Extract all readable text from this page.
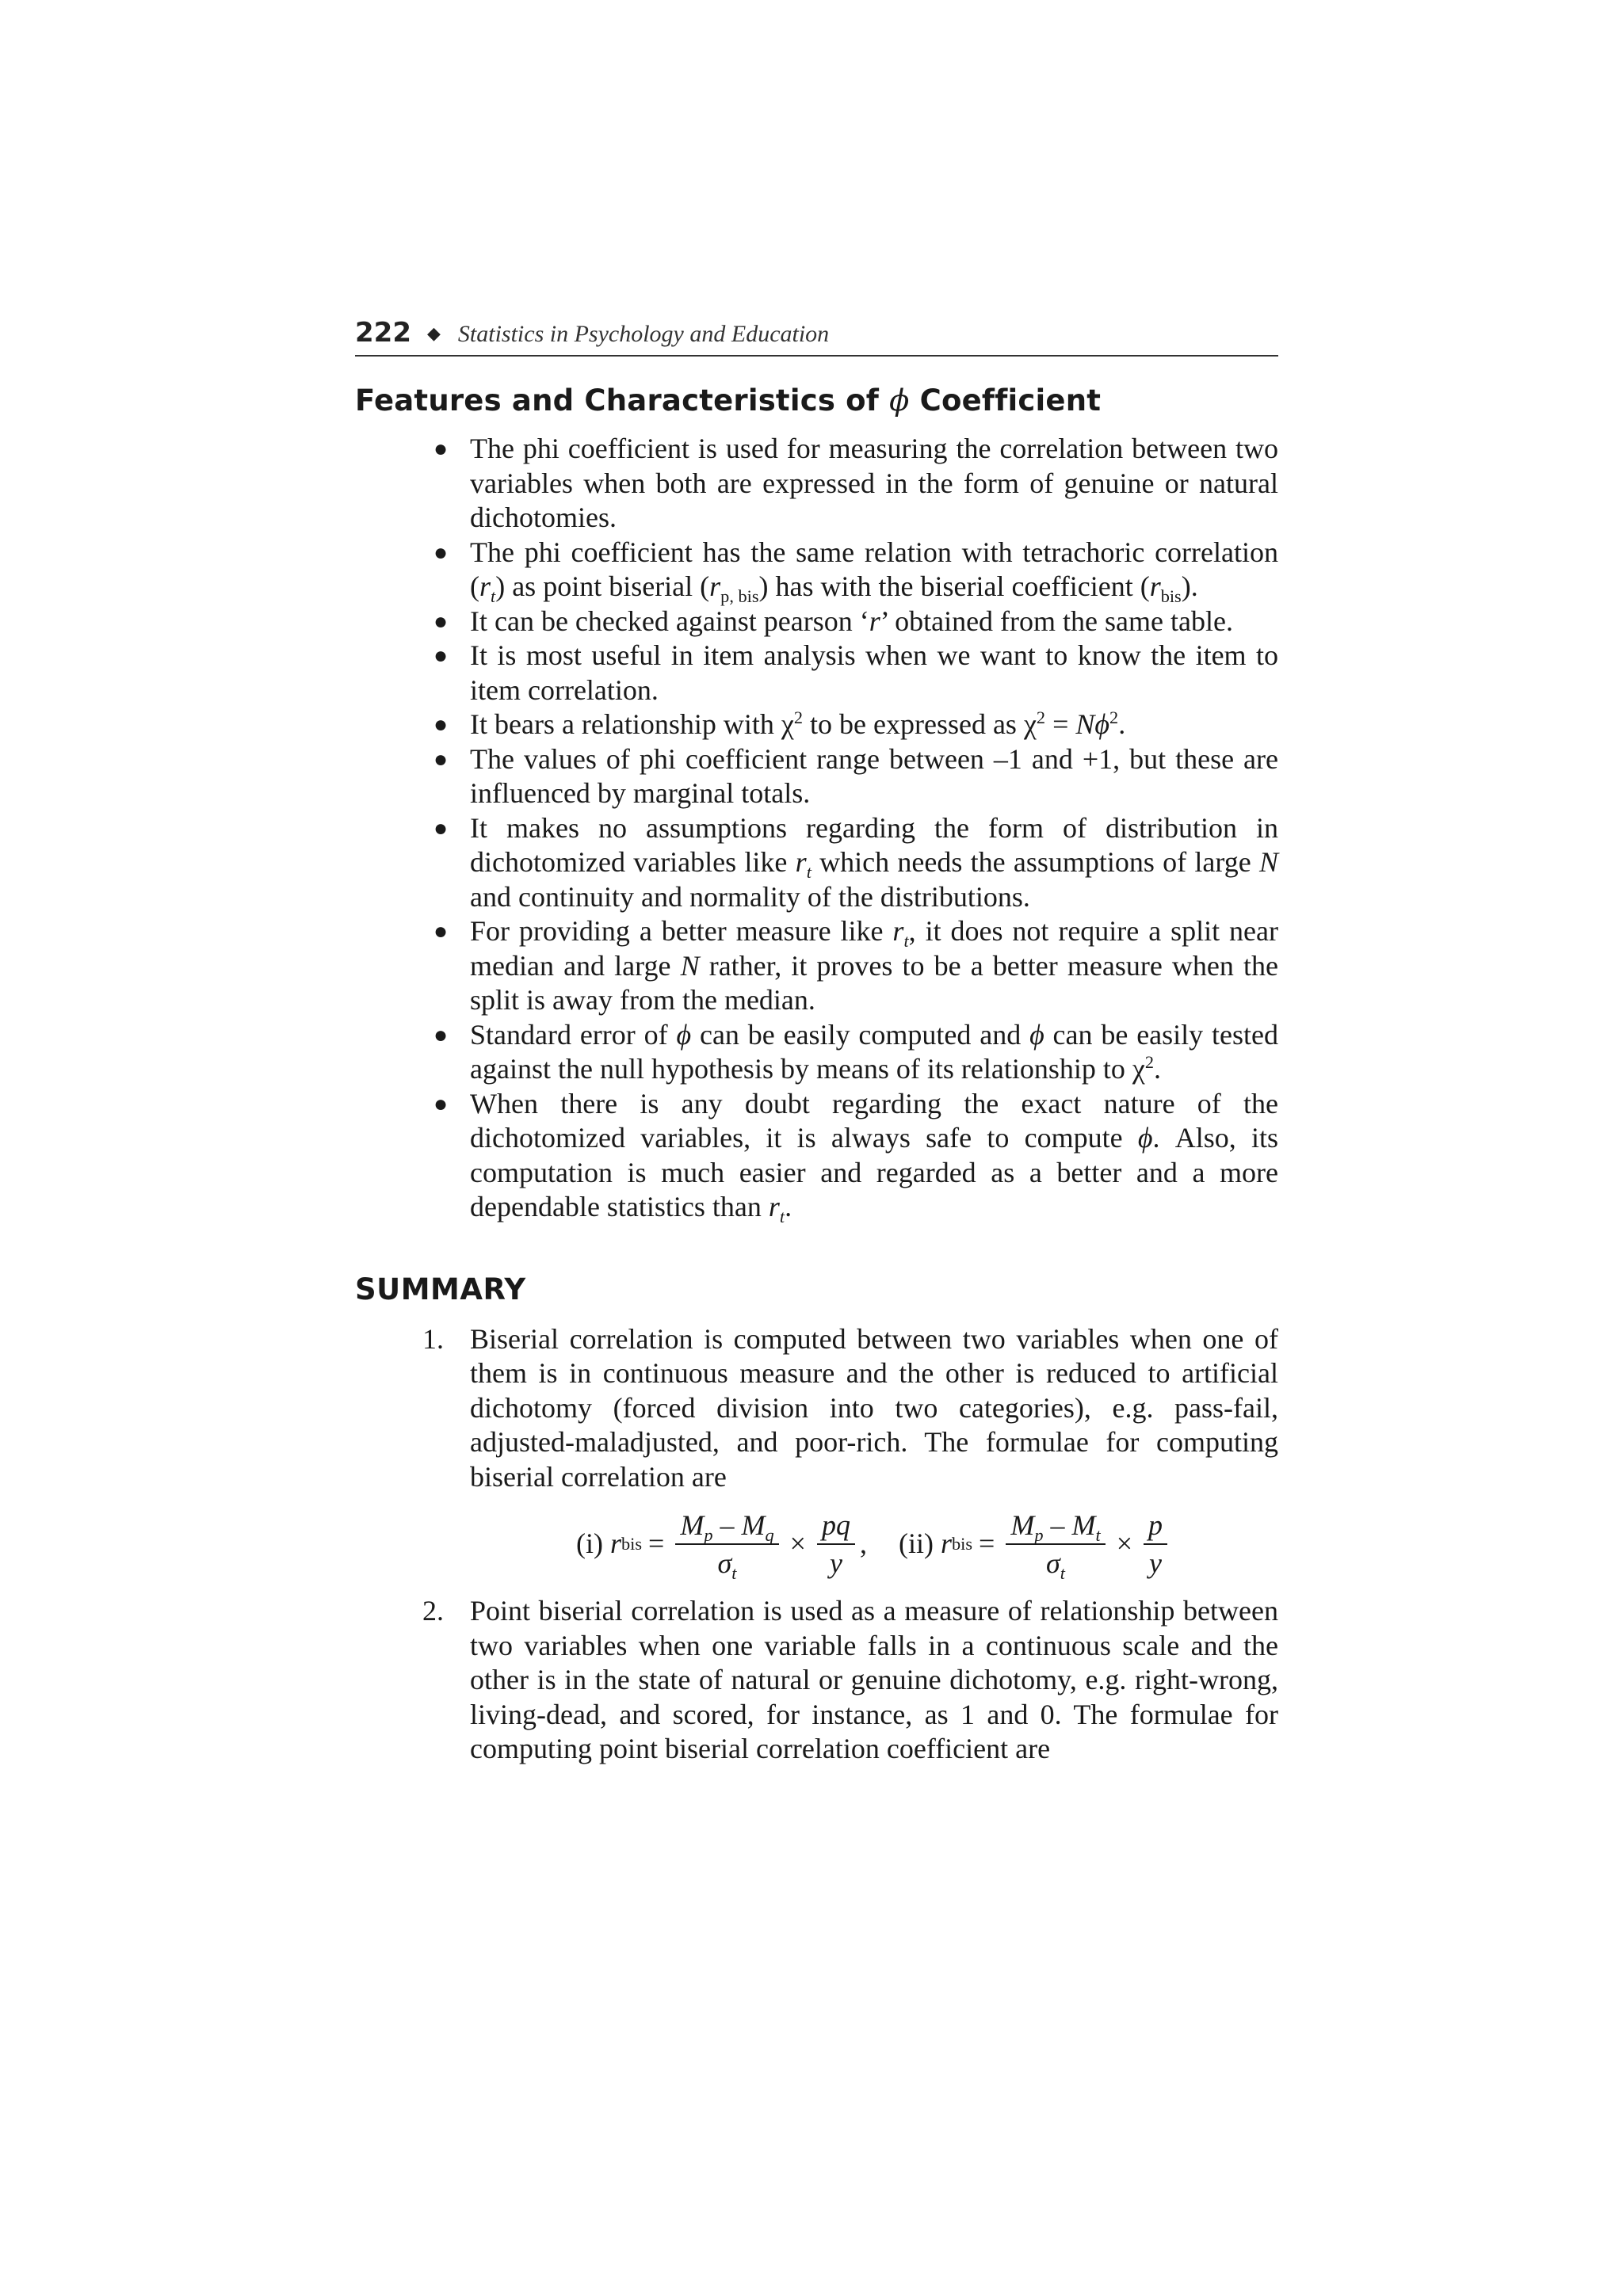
222 ◆ Statistics in Psychology and Education
Features and Characteristics of ϕ Coefficient
● The phi coefficient is used for measuring the correlation between two variables when both are expressed in the form of genuine or natural dichotomies.
● The phi coefficient has the same relation with tetrachoric correlation $(r_t)$ as point biserial $(r_{p, bis})$ has with the biserial coefficient $(r_{bis})$.
● It can be checked against pearson ‘r’ obtained from the same table.
● It is most useful in item analysis when we want to know the item to item correlation.
● It bears a relationship with $\chi^2$ to be expressed as $\chi^2 = N\phi^2$.
● The values of phi coefficient range between –1 and +1, but these are influenced by marginal totals.
● It makes no assumptions regarding the form of distribution in dichotomized variables like $r_t$ which needs the assumptions of large N and continuity and normality of the distributions.
● For providing a better measure like $r_t$, it does not require a split near median and large N rather, it proves to be a better measure when the split is away from the median.
● Standard error of ϕ can be easily computed and ϕ can be easily tested against the null hypothesis by means of its relationship to $\chi^2$.
● When there is any doubt regarding the exact nature of the dichotomized variables, it is always safe to compute ϕ. Also, its computation is much easier and regarded as a better and a more dependable statistics than $r_t$.
SUMMARY
1. Biserial correlation is computed between two variables when one of them is in continuous measure and the other is reduced to artificial dichotomy (forced division into two categories), e.g. pass-fail, adjusted-maladjusted, and poor-rich. The formulae for computing biserial correlation are
(i)
r bis = $\frac{M_p - M_q}{\sigma_t} \times \frac{pq}{y}$ , (ii)
r bis = $\frac{M_p - M_t}{\sigma_t} \times \frac{p}{y}$
2. Point biserial correlation is used as a measure of relationship between two variables when one variable falls in a continuous scale and the other is in the state of natural or genuine dichotomy, e.g. right-wrong, living-dead, and scored, for instance, as 1 and 0. The formulae for computing point biserial correlation coefficient are
